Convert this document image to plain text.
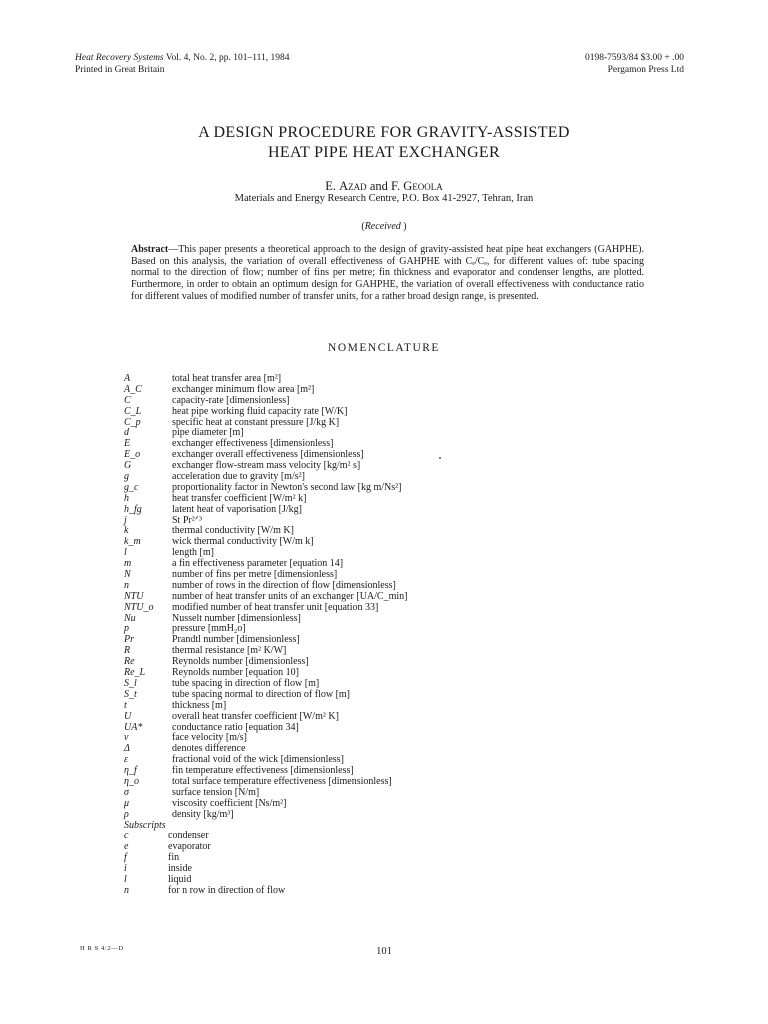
Heat Recovery Systems Vol. 4, No. 2, pp. 101–111, 1984
Printed in Great Britain
0198-7593/84 $3.00 + .00
Pergamon Press Ltd
A DESIGN PROCEDURE FOR GRAVITY-ASSISTED
HEAT PIPE HEAT EXCHANGER
E. Azad and F. Geoola
Materials and Energy Research Centre, P.O. Box 41-2927, Tehran, Iran
(Received )
Abstract—This paper presents a theoretical approach to the design of gravity-assisted heat pipe heat exchangers (GAHPHE). Based on this analysis, the variation of overall effectiveness of GAHPHE with Cₑ/Cₑ, for different values of: tube spacing normal to the direction of flow; number of fins per metre; fin thickness and evaporator and condenser lengths, are plotted. Furthermore, in order to obtain an optimum design for GAHPHE, the variation of overall effectiveness with conductance ratio for different values of modified number of transfer units, for a rather broad design range, is presented.
NOMENCLATURE
A	total heat transfer area [m²]
A_C	exchanger minimum flow area [m²]
C	capacity-rate [dimensionless]
C_L	heat pipe working fluid capacity rate [W/K]
C_p	specific heat at constant pressure [J/kg K]
d	pipe diameter [m]
E	exchanger effectiveness [dimensionless]
E_o	exchanger overall effectiveness [dimensionless]
G	exchanger flow-stream mass velocity [kg/m² s]
g	acceleration due to gravity [m/s²]
g_c	proportionality factor in Newton's second law [kg m/Ns²]
h	heat transfer coefficient [W/m² k]
h_fg	latent heat of vaporisation [J/kg]
j	St Pr²ᐟ³
k	thermal conductivity [W/m K]
k_m	wick thermal conductivity [W/m k]
l	length [m]
m	a fin effectiveness parameter [equation 14]
N	number of fins per metre [dimensionless]
n	number of rows in the direction of flow [dimensionless]
NTU	number of heat transfer units of an exchanger [UA/C_min]
NTU_o	modified number of heat transfer unit [equation 33]
Nu	Nusselt number [dimensionless]
p	pressure [mmH₂o]
Pr	Prandtl number [dimensionless]
R	thermal resistance [m² K/W]
Re	Reynolds number [dimensionless]
Re_L	Reynolds number [equation 10]
S_l	tube spacing in direction of flow [m]
S_t	tube spacing normal to direction of flow [m]
t	thickness [m]
U	overall heat transfer coefficient [W/m² K]
UA*	conductance ratio [equation 34]
v	face velocity [m/s]
Δ	denotes difference
ε	fractional void of the wick [dimensionless]
η_f	fin temperature effectiveness [dimensionless]
η_o	total surface temperature effectiveness [dimensionless]
σ	surface tension [N/m]
μ	viscosity coefficient [Ns/m²]
ρ	density [kg/m³]
Subscripts
c	condenser
e	evaporator
f	fin
i	inside
l	liquid
n	for n row in direction of flow
H R S 4:2—D	101
